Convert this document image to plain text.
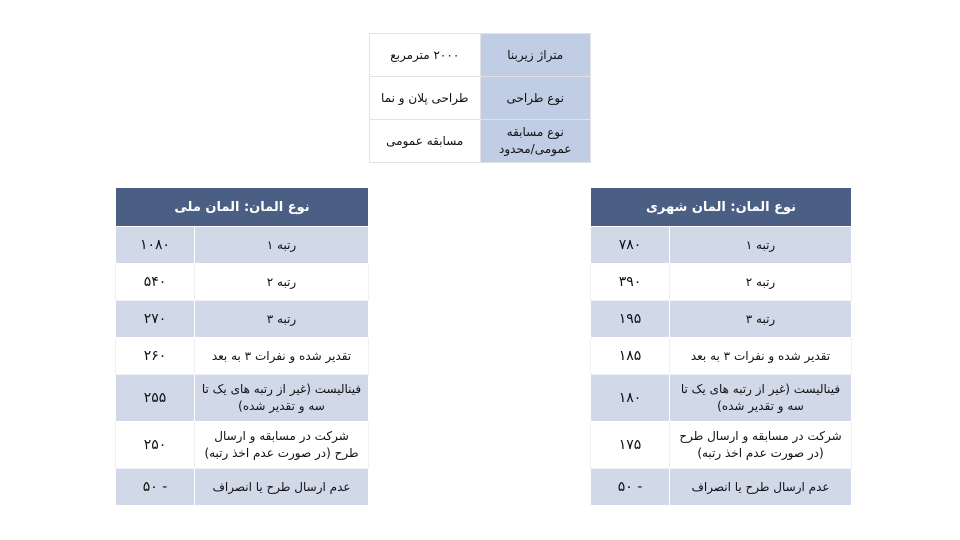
متراژ زیربنا	۲۰۰۰ مترمربع
نوع طراحی	طراحی پلان و نما
نوع مسابقه عمومی/محدود	مسابقه عمومی
نوع المان: المان ملی	
رتبه ۱	۱۰۸۰
رتبه ۲	۵۴۰
رتبه ۳	۲۷۰
تقدیر شده و نفرات ۳ به بعد	۲۶۰
فینالیست (غیر از رتبه های یک تا سه و تقدیر شده)	۲۵۵
شرکت در مسابقه و ارسال طرح (در صورت عدم اخذ رتبه)	۲۵۰
عدم ارسال طرح یا انصراف	- ۵۰
نوع المان: المان شهری	
رتبه ۱	۷۸۰
رتبه ۲	۳۹۰
رتبه ۳	۱۹۵
تقدیر شده و نفرات ۳ به بعد	۱۸۵
فینالیست (غیر از رتبه های یک تا سه و تقدیر شده)	۱۸۰
شرکت در مسابقه و ارسال طرح (در صورت عدم اخذ رتبه)	۱۷۵
عدم ارسال طرح یا انصراف	- ۵۰
